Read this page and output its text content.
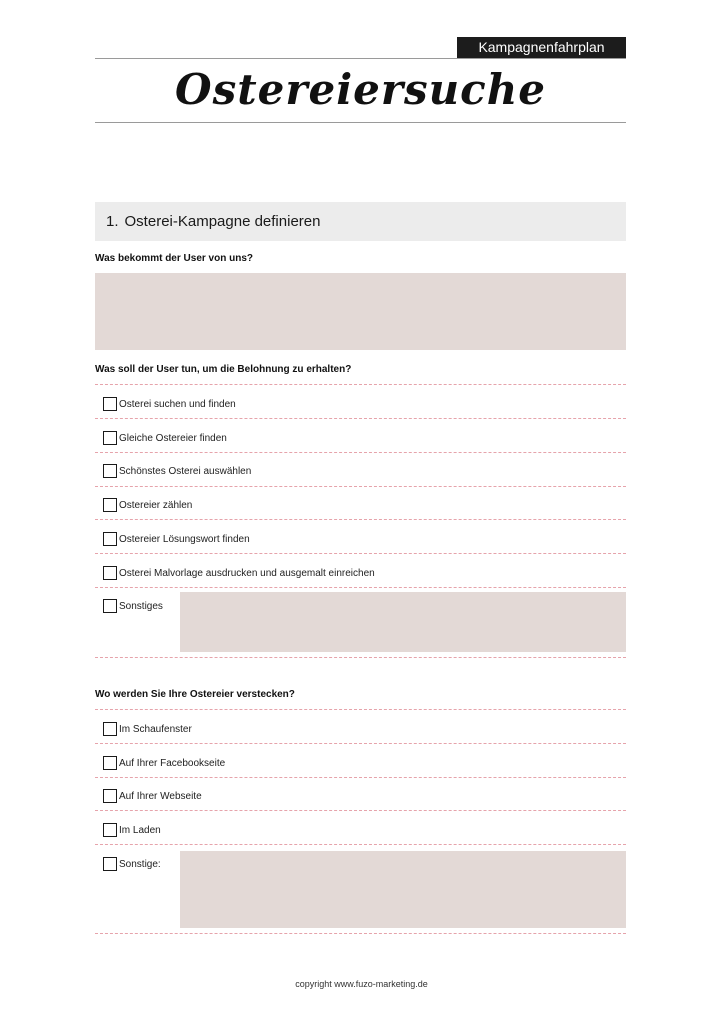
Kampagnenfahrplan
Ostereiersuche
1. Osterei-Kampagne definieren
Was bekommt der User von uns?
Was soll der User tun, um die Belohnung zu erhalten?
Osterei suchen und finden
Gleiche Ostereier finden
Schönstes Osterei auswählen
Ostereier zählen
Ostereier Lösungswort finden
Osterei Malvorlage ausdrucken und ausgemalt einreichen
Sonstiges
Wo werden Sie Ihre Ostereier verstecken?
Im Schaufenster
Auf Ihrer Facebookseite
Auf Ihrer Webseite
Im Laden
Sonstige:
copyright www.fuzo-marketing.de
